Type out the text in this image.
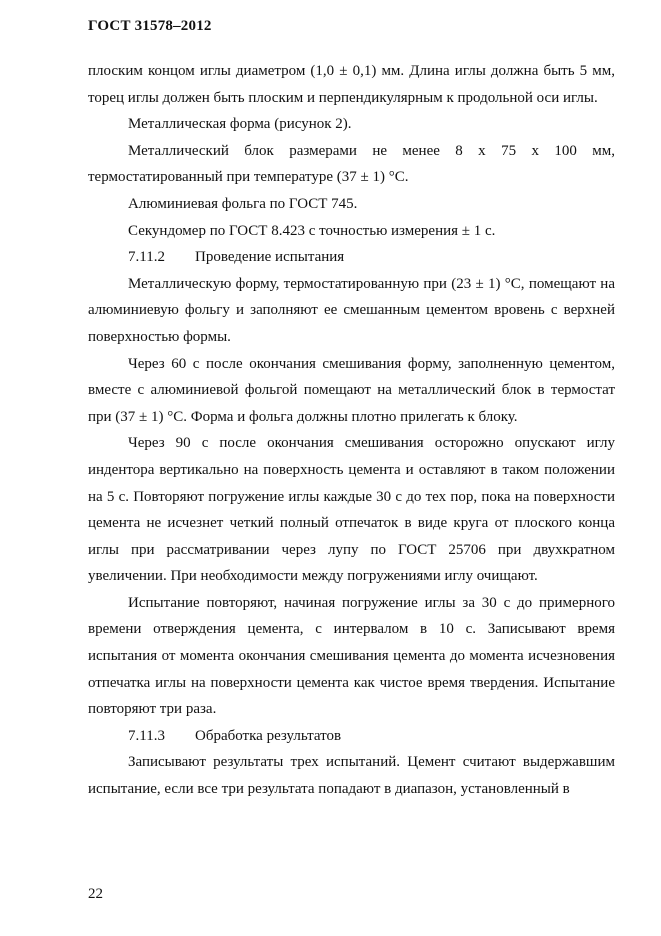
ГОСТ 31578–2012

плоским концом иглы диаметром (1,0 ± 0,1) мм. Длина иглы должна быть 5 мм, торец иглы должен быть плоским и перпендикулярным к продольной оси иглы.

Металлическая форма (рисунок 2).

Металлический блок размерами не менее 8 х 75 х 100 мм, термостатированный при температуре (37 ± 1) °С.

Алюминиевая фольга по ГОСТ 745.

Секундомер по ГОСТ 8.423 с точностью измерения ± 1 с.

7.11.2 Проведение испытания

Металлическую форму, термостатированную при (23 ± 1) °С, помещают на алюминиевую фольгу и заполняют ее смешанным цементом вровень с верхней поверхностью формы.

Через 60 с после окончания смешивания форму, заполненную цементом, вместе с алюминиевой фольгой помещают на металлический блок в термостат при (37 ± 1) °С. Форма и фольга должны плотно прилегать к блоку.

Через 90 с после окончания смешивания осторожно опускают иглу индентора вертикально на поверхность цемента и оставляют в таком положении на 5 с. Повторяют погружение иглы каждые 30 с до тех пор, пока на поверхности цемента не исчезнет четкий полный отпечаток в виде круга от плоского конца иглы при рассматривании через лупу по ГОСТ 25706 при двухкратном увеличении. При необходимости между погружениями иглу очищают.

Испытание повторяют, начиная погружение иглы за 30 с до примерного времени отверждения цемента, с интервалом в 10 с. Записывают время испытания от момента окончания смешивания цемента до момента исчезновения отпечатка иглы на поверхности цемента как чистое время твердения. Испытание повторяют три раза.

7.11.3 Обработка результатов

Записывают результаты трех испытаний. Цемент считают выдержавшим испытание, если все три результата попадают в диапазон, установленный в

22
